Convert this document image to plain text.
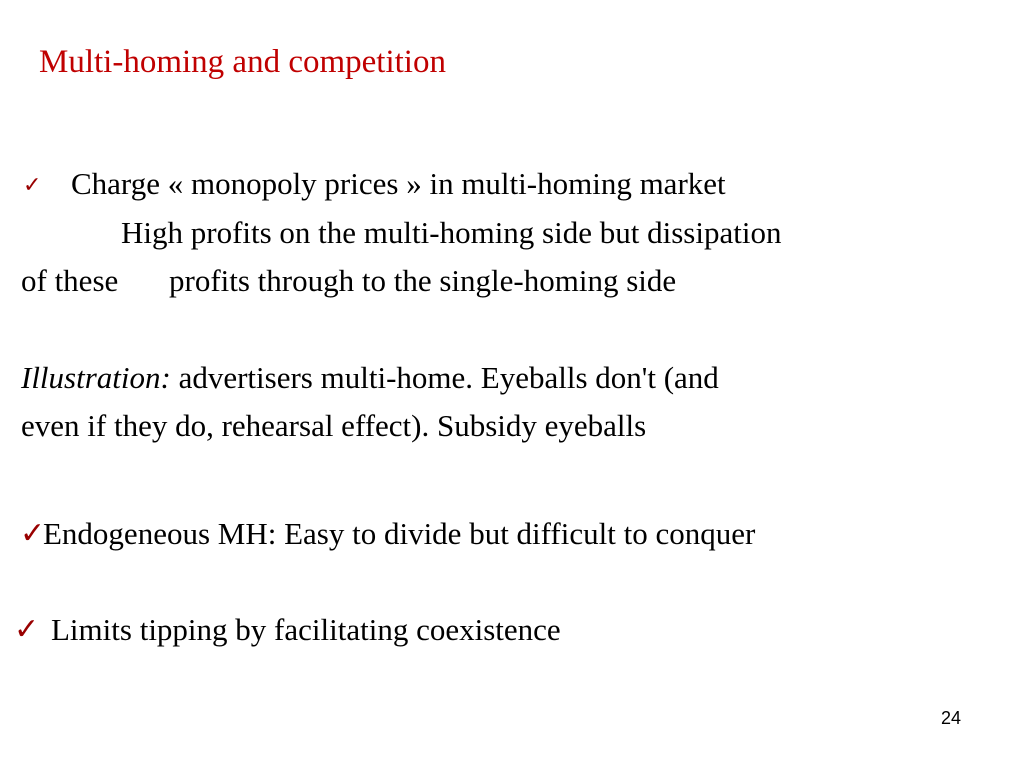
Multi-homing and competition
✓ Charge « monopoly prices » in multi-homing market
High profits on the multi-homing side but dissipation
of these profits through to the single-homing side
Illustration: advertisers multi-home. Eyeballs don't (and
even if they do, rehearsal effect). Subsidy eyeballs
✓
Endogeneous MH: Easy to divide but difficult to conquer
✓ Limits tipping by facilitating coexistence
24
